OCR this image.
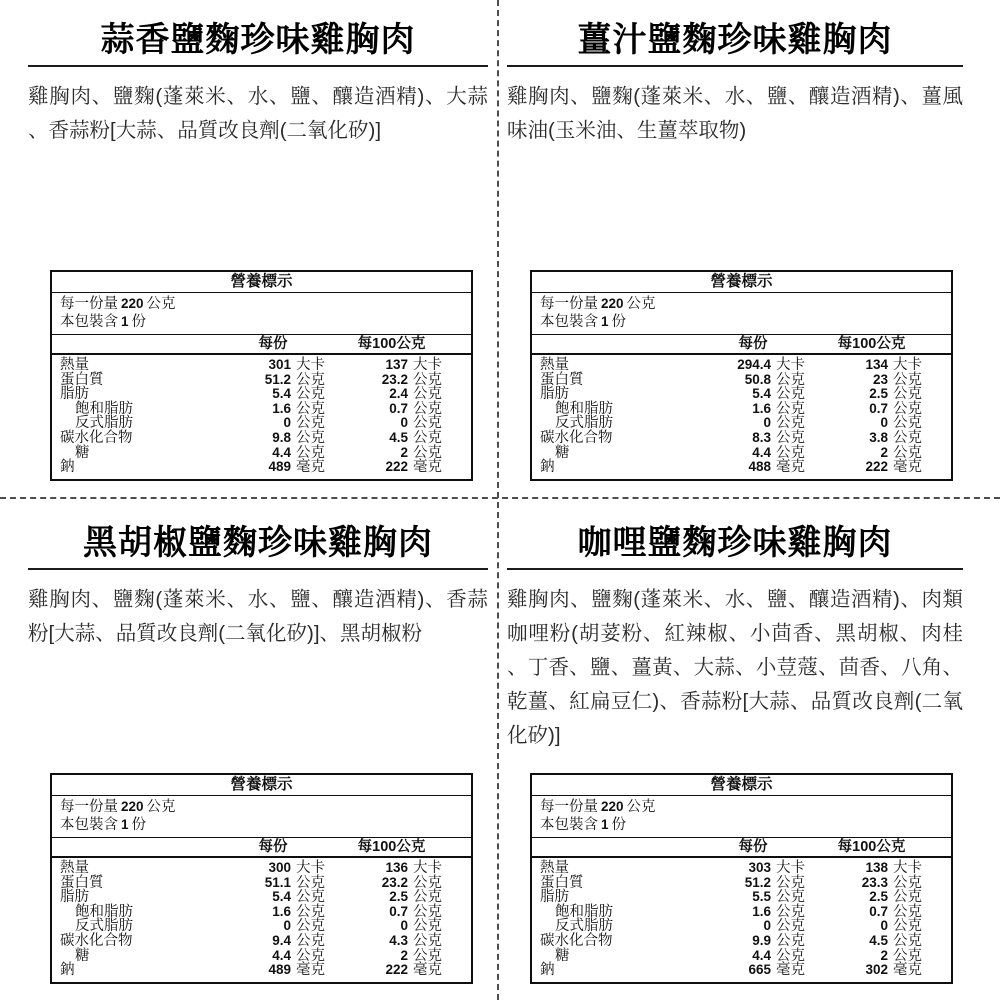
蒜香鹽麴珍味雞胸肉

雞胸肉、鹽麴(蓬萊米、水、鹽、釀造酒精)、大蒜、香蒜粉[大蒜、品質改良劑(二氧化矽)]

營養標示
每一份量 220 公克
本包裝含 1 份
每份	每100公克
熱量	301 大卡	137 大卡
蛋白質	51.2 公克	23.2 公克
脂肪	5.4 公克	2.4 公克
飽和脂肪	1.6 公克	0.7 公克
反式脂肪	0 公克	0 公克
碳水化合物	9.8 公克	4.5 公克
糖	4.4 公克	2 公克
鈉	489 毫克	222 毫克
薑汁鹽麴珍味雞胸肉

雞胸肉、鹽麴(蓬萊米、水、鹽、釀造酒精)、薑風味油(玉米油、生薑萃取物)

營養標示
每一份量 220 公克
本包裝含 1 份
每份	每100公克
熱量	294.4 大卡	134 大卡
蛋白質	50.8 公克	23 公克
脂肪	5.4 公克	2.5 公克
飽和脂肪	1.6 公克	0.7 公克
反式脂肪	0 公克	0 公克
碳水化合物	8.3 公克	3.8 公克
糖	4.4 公克	2 公克
鈉	488 毫克	222 毫克
黑胡椒鹽麴珍味雞胸肉

雞胸肉、鹽麴(蓬萊米、水、鹽、釀造酒精)、香蒜粉[大蒜、品質改良劑(二氧化矽)]、黑胡椒粉

營養標示
每一份量 220 公克
本包裝含 1 份
每份	每100公克
熱量	300 大卡	136 大卡
蛋白質	51.1 公克	23.2 公克
脂肪	5.4 公克	2.5 公克
飽和脂肪	1.6 公克	0.7 公克
反式脂肪	0 公克	0 公克
碳水化合物	9.4 公克	4.3 公克
糖	4.4 公克	2 公克
鈉	489 毫克	222 毫克
咖哩鹽麴珍味雞胸肉

雞胸肉、鹽麴(蓬萊米、水、鹽、釀造酒精)、肉類咖哩粉(胡荽粉、紅辣椒、小茴香、黑胡椒、肉桂、丁香、鹽、薑黃、大蒜、小荳蔻、茴香、八角、乾薑、紅扁豆仁)、香蒜粉[大蒜、品質改良劑(二氧化矽)]

營養標示
每一份量 220 公克
本包裝含 1 份
每份	每100公克
熱量	303 大卡	138 大卡
蛋白質	51.2 公克	23.3 公克
脂肪	5.5 公克	2.5 公克
飽和脂肪	1.6 公克	0.7 公克
反式脂肪	0 公克	0 公克
碳水化合物	9.9 公克	4.5 公克
糖	4.4 公克	2 公克
鈉	665 毫克	302 毫克
